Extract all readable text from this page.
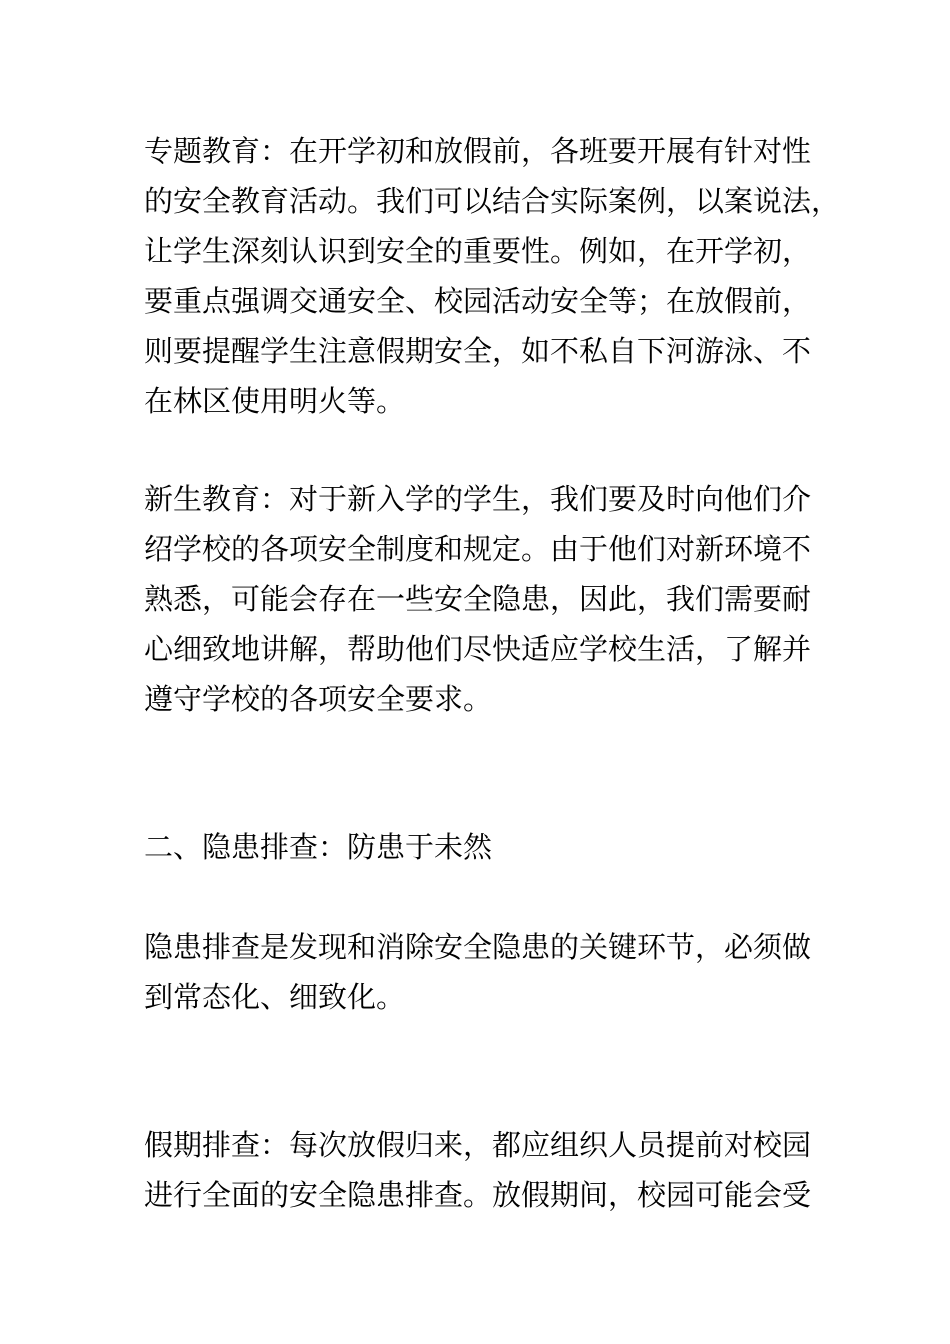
专题教育：在开学初和放假前，各班要开展有针对性
的安全教育活动。我们可以结合实际案例，以案说法，
让学生深刻认识到安全的重要性。例如，在开学初，
要重点强调交通安全、校园活动安全等；在放假前，
则要提醒学生注意假期安全，如不私自下河游泳、不
在林区使用明火等。
新生教育：对于新入学的学生，我们要及时向他们介
绍学校的各项安全制度和规定。由于他们对新环境不
熟悉，可能会存在一些安全隐患，因此，我们需要耐
心细致地讲解，帮助他们尽快适应学校生活，了解并
遵守学校的各项安全要求。
二、隐患排查：防患于未然
隐患排查是发现和消除安全隐患的关键环节，必须做
到常态化、细致化。
假期排查：每次放假归来，都应组织人员提前对校园
进行全面的安全隐患排查。放假期间，校园可能会受
